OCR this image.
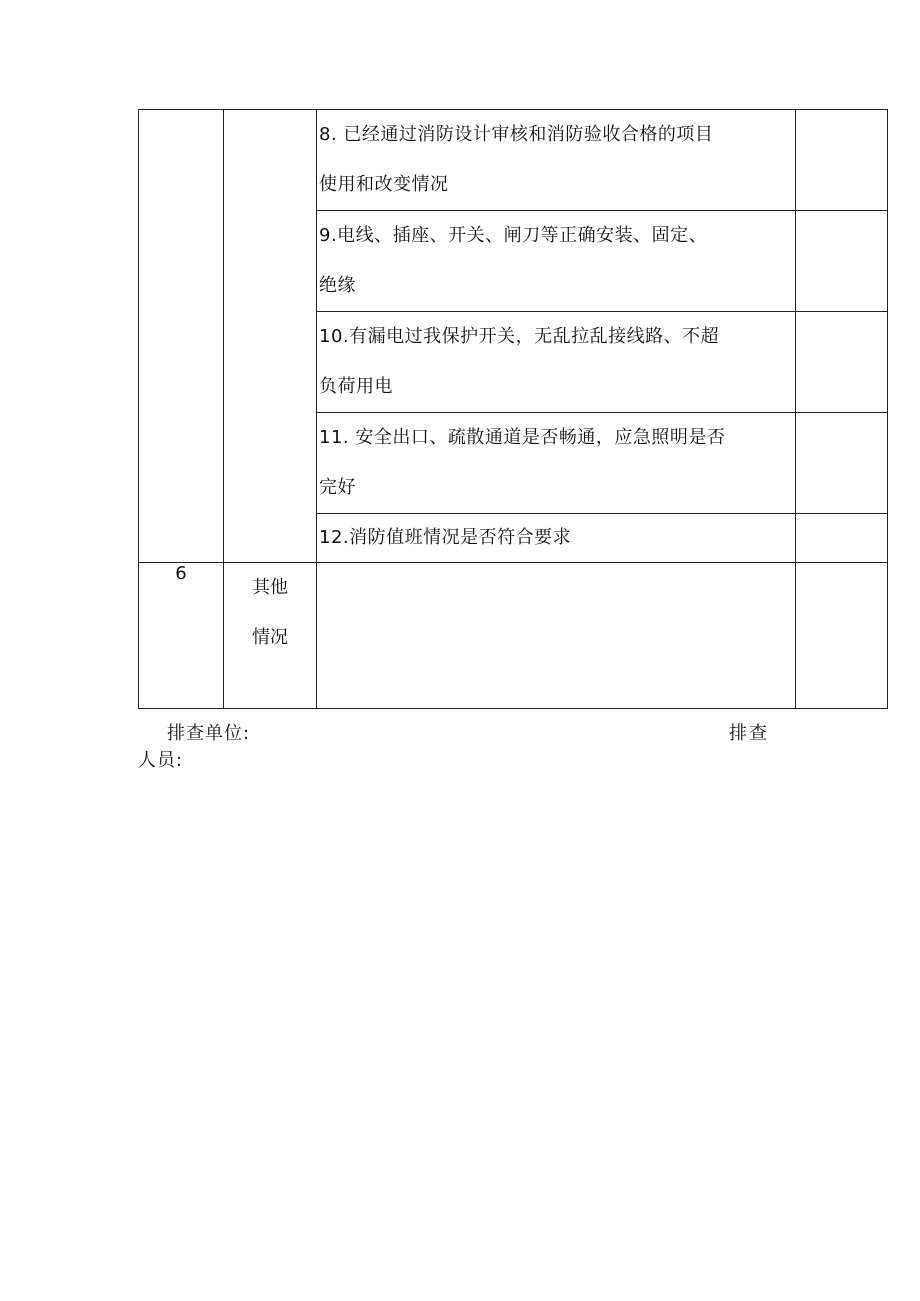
		8. 已经通过消防设计审核和消防验收合格的项目
使用和改变情况	

		9.电线、插座、开关、闸刀等正确安装、固定、
绝缘	

		10.有漏电过我保护开关，无乱拉乱接线路、不超
负荷用电	

		11. 安全出口、疏散通道是否畅通，应急照明是否
完好	

		12.消防值班情况是否符合要求	

6	其他
情况		

排查单位:	排查
人员:
